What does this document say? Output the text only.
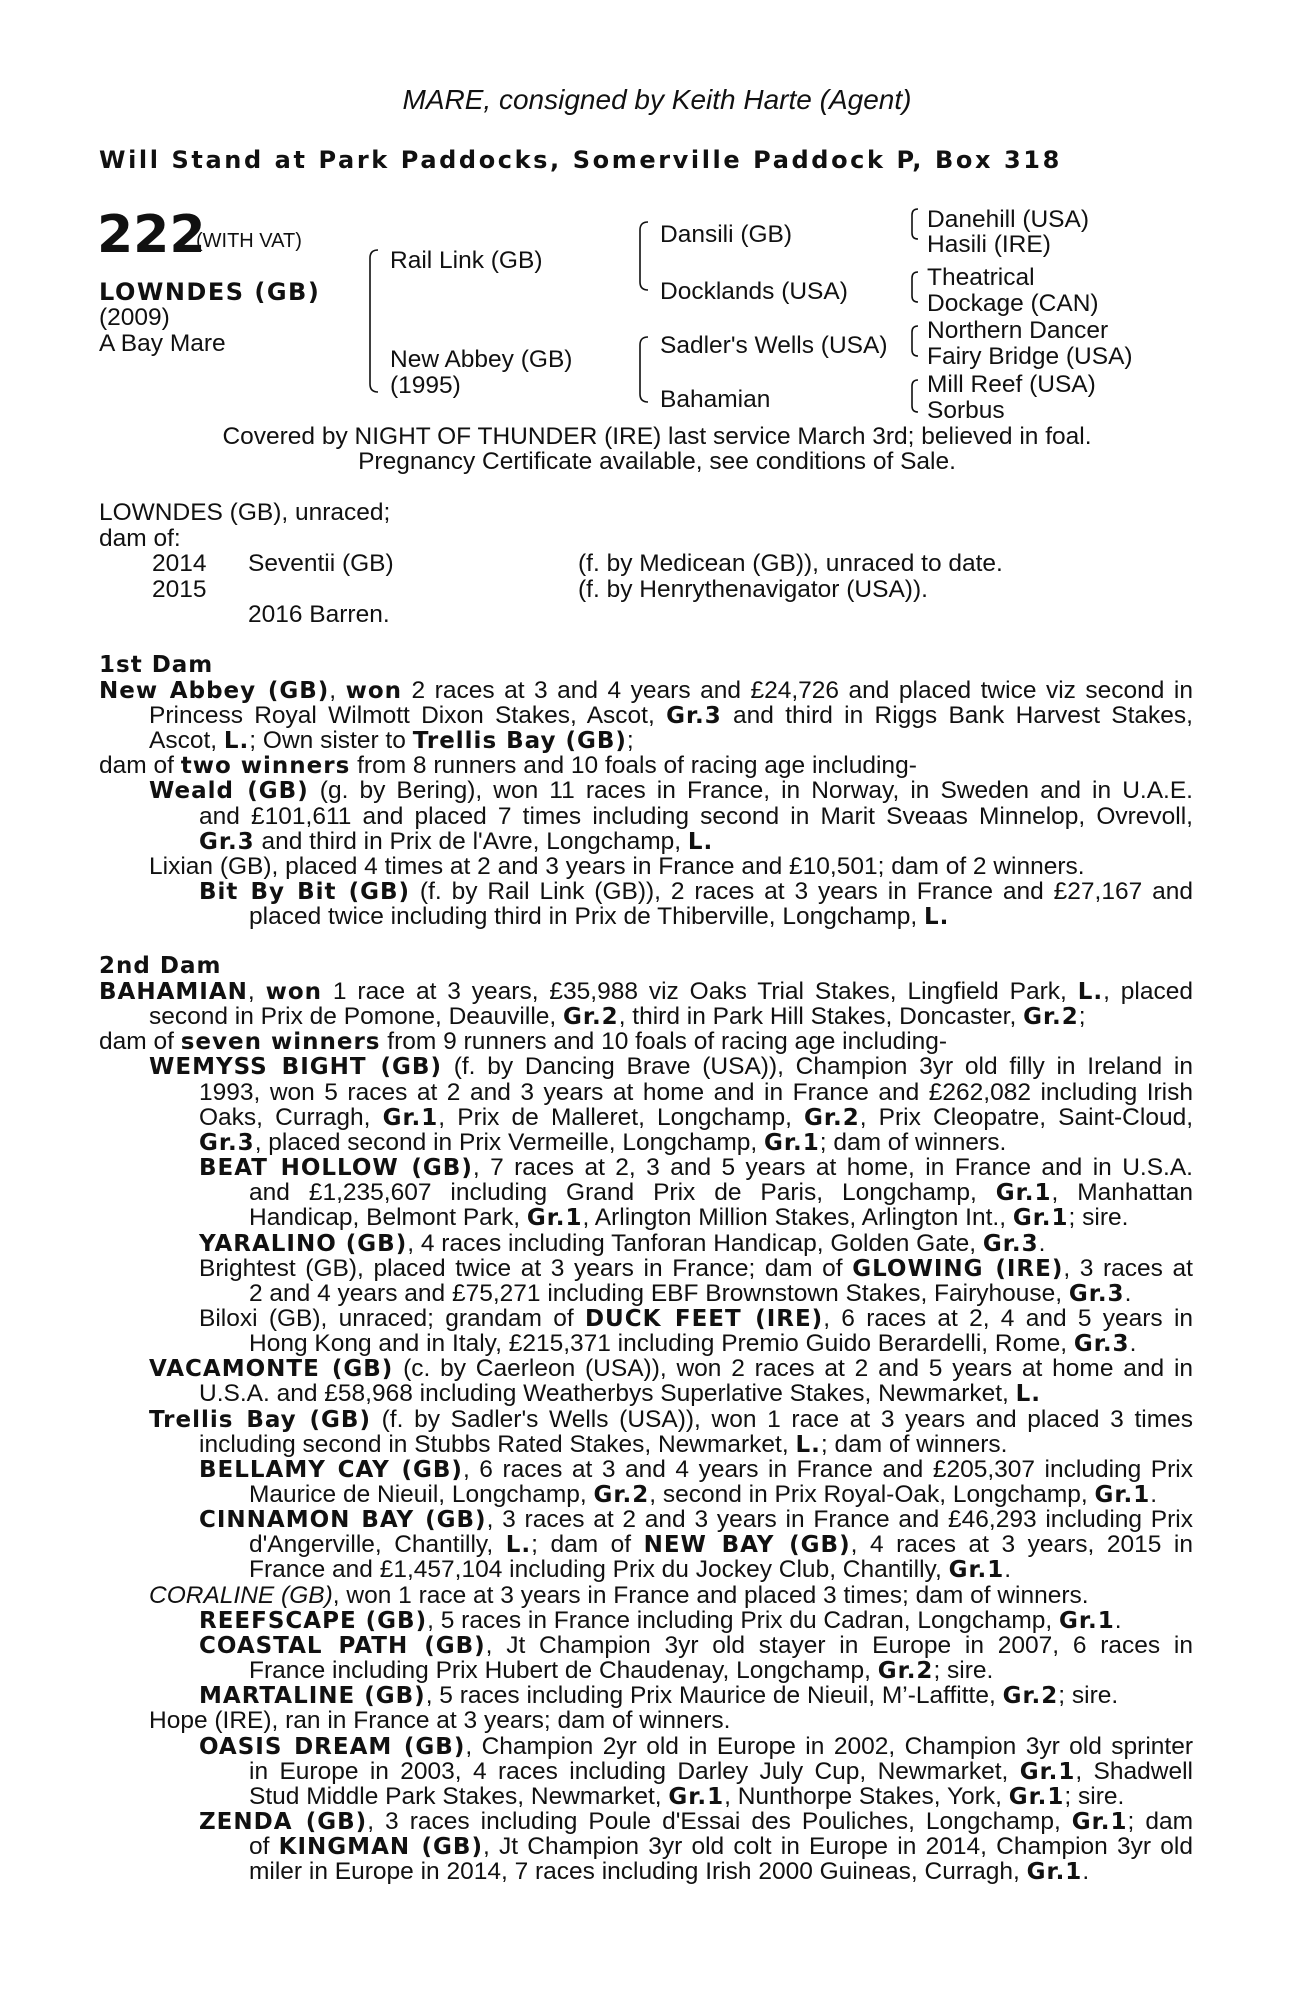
MARE, consigned by Keith Harte (Agent)
Will Stand at Park Paddocks, Somerville Paddock P, Box 318
222
(WITH VAT)
LOWNDES (GB)
(2009)
A Bay Mare
Rail Link (GB)
New Abbey (GB)
(1995)
Dansili (GB)
Docklands (USA)
Sadler's Wells (USA)
Bahamian
Danehill (USA)
Hasili (IRE)
Theatrical
Dockage (CAN)
Northern Dancer
Fairy Bridge (USA)
Mill Reef (USA)
Sorbus
Covered by NIGHT OF THUNDER (IRE) last service March 3rd; believed in foal.
Pregnancy Certificate available, see conditions of Sale.
LOWNDES (GB), unraced;
dam of:
2014 Seventii (GB)	(f. by Medicean (GB)), unraced to date.
2015	(f. by Henrythenavigator (USA)).
2016 Barren.
1st Dam
New Abbey (GB), won 2 races at 3 and 4 years and £24,726 and placed twice viz second in
Princess Royal Wilmott Dixon Stakes, Ascot, Gr.3 and third in Riggs Bank Harvest Stakes,
Ascot, L.; Own sister to Trellis Bay (GB);
dam of two winners from 8 runners and 10 foals of racing age including-
Weald (GB) (g. by Bering), won 11 races in France, in Norway, in Sweden and in U.A.E.
and £101,611 and placed 7 times including second in Marit Sveaas Minnelop, Ovrevoll,
Gr.3 and third in Prix de l'Avre, Longchamp, L.
Lixian (GB), placed 4 times at 2 and 3 years in France and £10,501; dam of 2 winners.
Bit By Bit (GB) (f. by Rail Link (GB)), 2 races at 3 years in France and £27,167 and
placed twice including third in Prix de Thiberville, Longchamp, L.
2nd Dam
BAHAMIAN, won 1 race at 3 years, £35,988 viz Oaks Trial Stakes, Lingfield Park, L., placed
second in Prix de Pomone, Deauville, Gr.2, third in Park Hill Stakes, Doncaster, Gr.2;
dam of seven winners from 9 runners and 10 foals of racing age including-
WEMYSS BIGHT (GB) (f. by Dancing Brave (USA)), Champion 3yr old filly in Ireland in
1993, won 5 races at 2 and 3 years at home and in France and £262,082 including Irish
Oaks, Curragh, Gr.1, Prix de Malleret, Longchamp, Gr.2, Prix Cleopatre, Saint-Cloud,
Gr.3, placed second in Prix Vermeille, Longchamp, Gr.1; dam of winners.
BEAT HOLLOW (GB), 7 races at 2, 3 and 5 years at home, in France and in U.S.A.
and £1,235,607 including Grand Prix de Paris, Longchamp, Gr.1, Manhattan
Handicap, Belmont Park, Gr.1, Arlington Million Stakes, Arlington Int., Gr.1; sire.
YARALINO (GB), 4 races including Tanforan Handicap, Golden Gate, Gr.3.
Brightest (GB), placed twice at 3 years in France; dam of GLOWING (IRE), 3 races at
2 and 4 years and £75,271 including EBF Brownstown Stakes, Fairyhouse, Gr.3.
Biloxi (GB), unraced; grandam of DUCK FEET (IRE), 6 races at 2, 4 and 5 years in
Hong Kong and in Italy, £215,371 including Premio Guido Berardelli, Rome, Gr.3.
VACAMONTE (GB) (c. by Caerleon (USA)), won 2 races at 2 and 5 years at home and in
U.S.A. and £58,968 including Weatherbys Superlative Stakes, Newmarket, L.
Trellis Bay (GB) (f. by Sadler's Wells (USA)), won 1 race at 3 years and placed 3 times
including second in Stubbs Rated Stakes, Newmarket, L.; dam of winners.
BELLAMY CAY (GB), 6 races at 3 and 4 years in France and £205,307 including Prix
Maurice de Nieuil, Longchamp, Gr.2, second in Prix Royal-Oak, Longchamp, Gr.1.
CINNAMON BAY (GB), 3 races at 2 and 3 years in France and £46,293 including Prix
d'Angerville, Chantilly, L.; dam of NEW BAY (GB), 4 races at 3 years, 2015 in
France and £1,457,104 including Prix du Jockey Club, Chantilly, Gr.1.
CORALINE (GB), won 1 race at 3 years in France and placed 3 times; dam of winners.
REEFSCAPE (GB), 5 races in France including Prix du Cadran, Longchamp, Gr.1.
COASTAL PATH (GB), Jt Champion 3yr old stayer in Europe in 2007, 6 races in
France including Prix Hubert de Chaudenay, Longchamp, Gr.2; sire.
MARTALINE (GB), 5 races including Prix Maurice de Nieuil, M’-Laffitte, Gr.2; sire.
Hope (IRE), ran in France at 3 years; dam of winners.
OASIS DREAM (GB), Champion 2yr old in Europe in 2002, Champion 3yr old sprinter
in Europe in 2003, 4 races including Darley July Cup, Newmarket, Gr.1, Shadwell
Stud Middle Park Stakes, Newmarket, Gr.1, Nunthorpe Stakes, York, Gr.1; sire.
ZENDA (GB), 3 races including Poule d'Essai des Pouliches, Longchamp, Gr.1; dam
of KINGMAN (GB), Jt Champion 3yr old colt in Europe in 2014, Champion 3yr old
miler in Europe in 2014, 7 races including Irish 2000 Guineas, Curragh, Gr.1.
